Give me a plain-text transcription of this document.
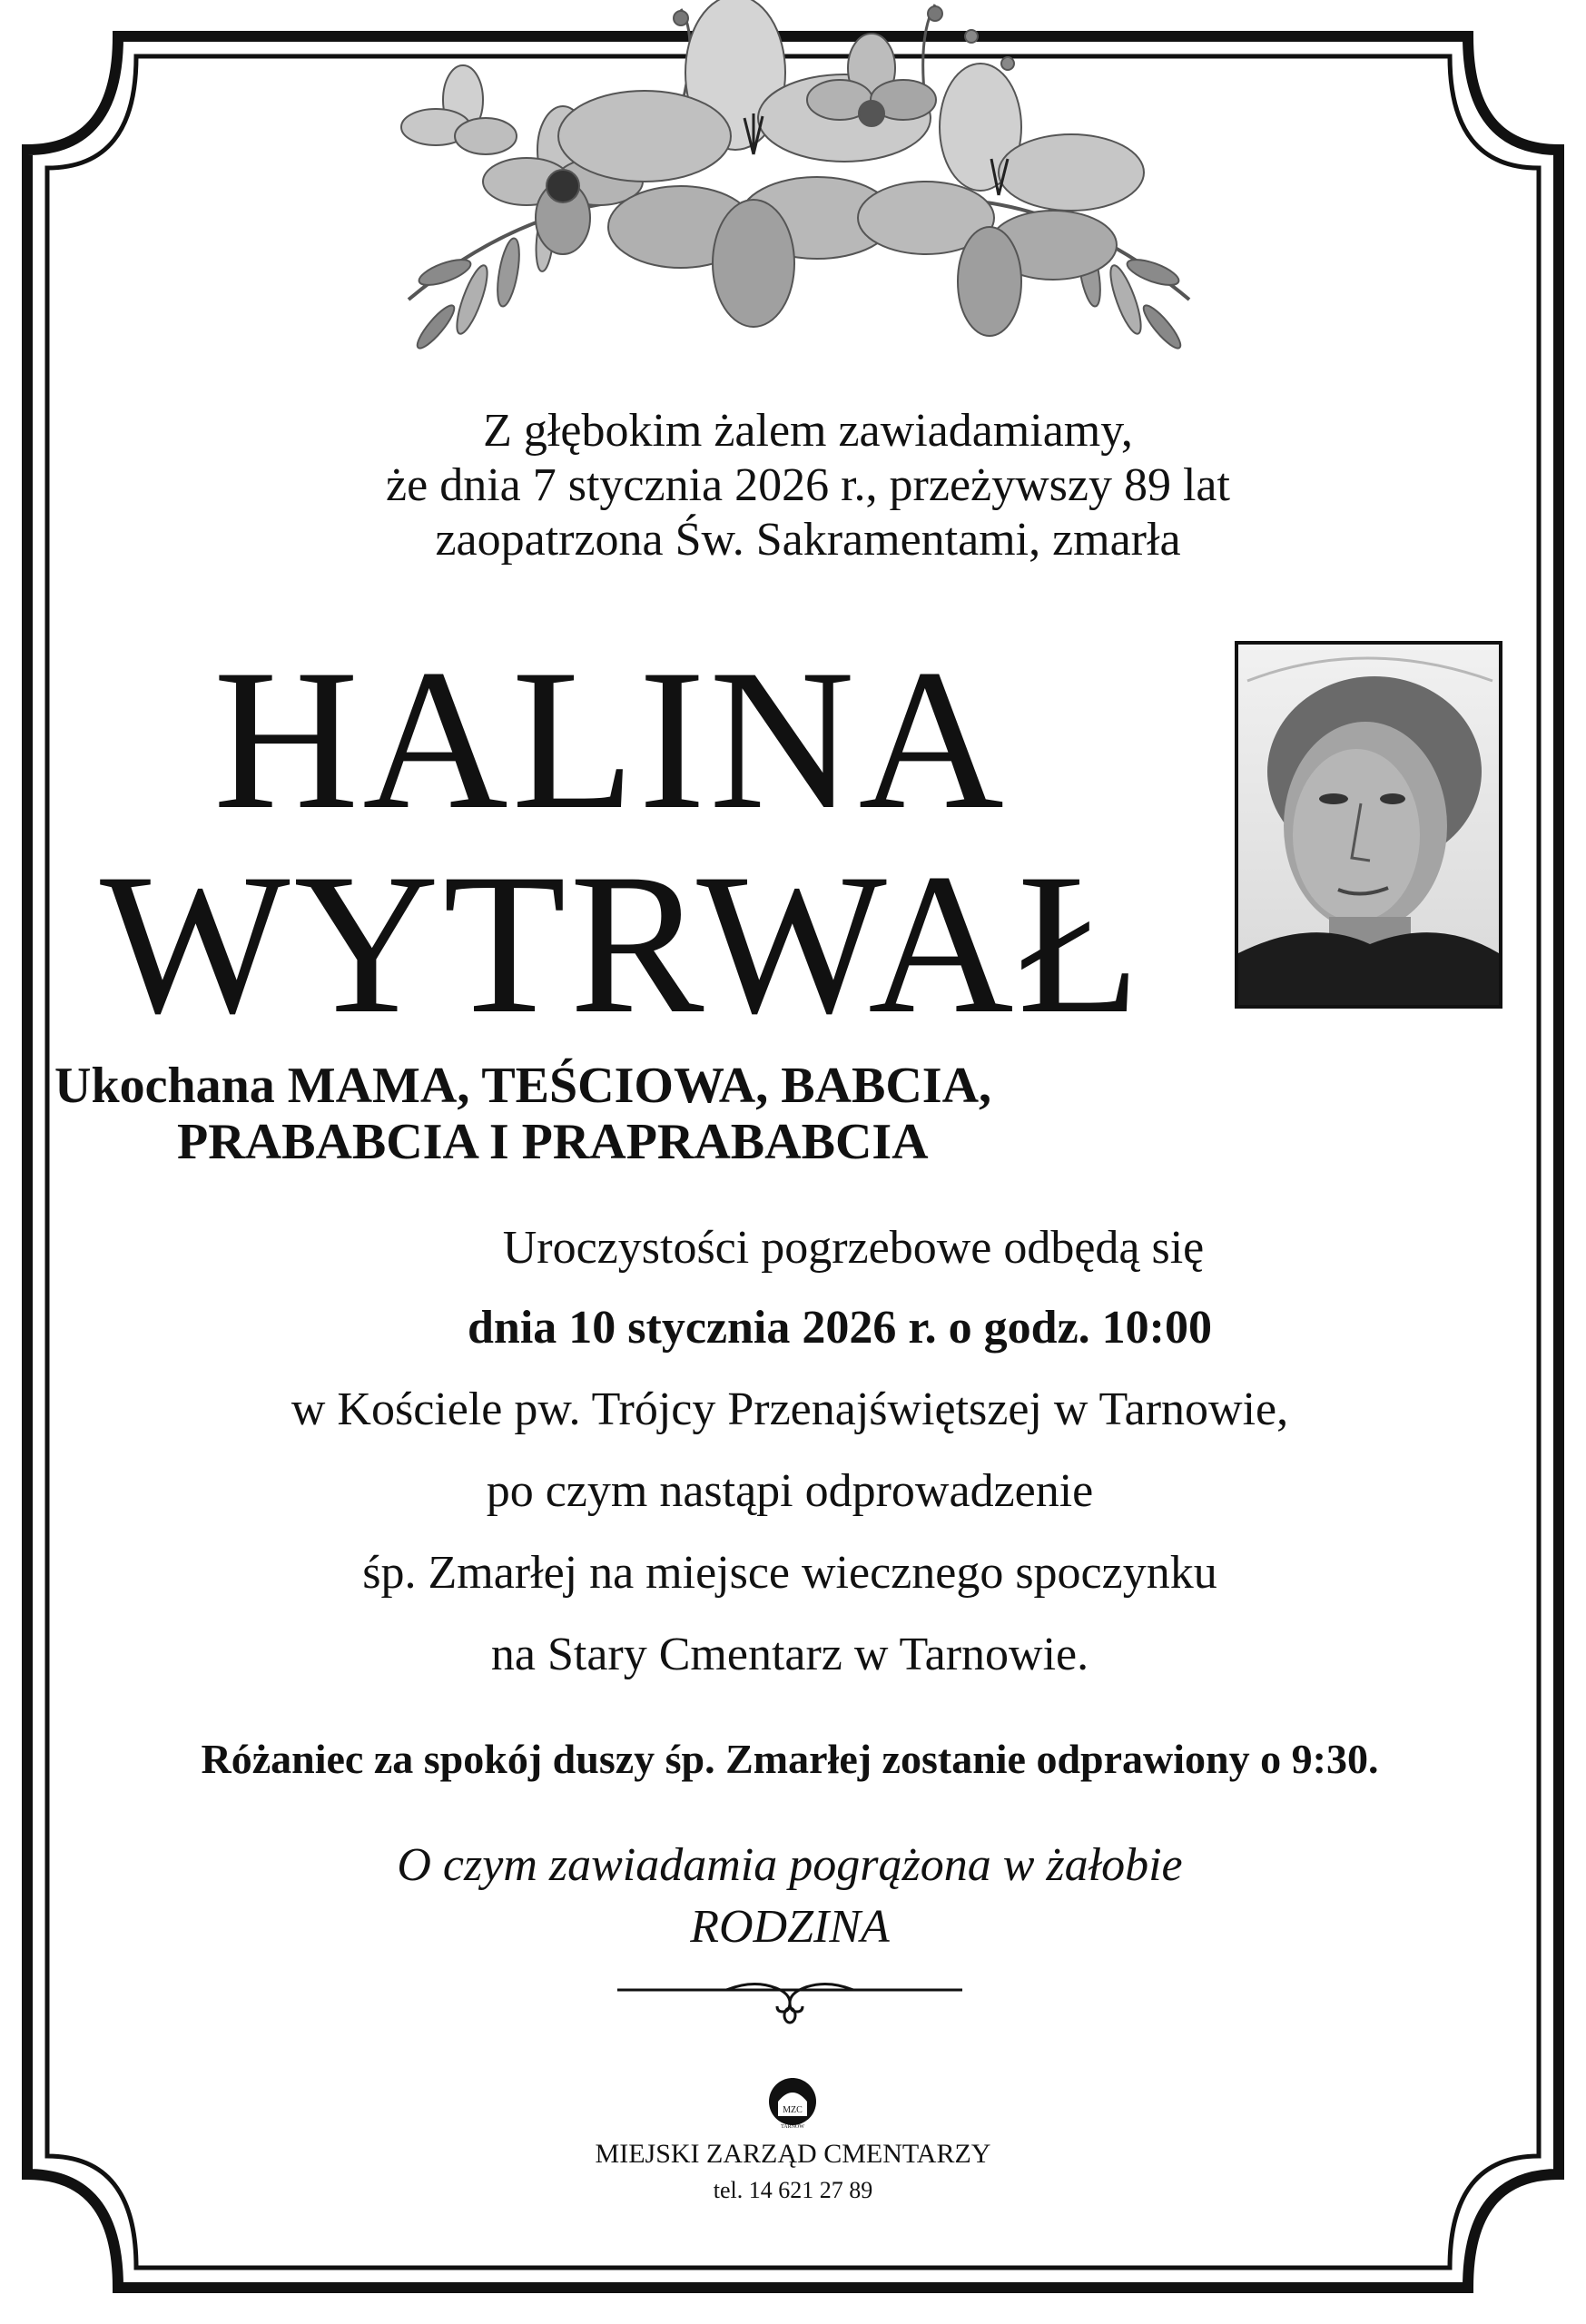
Z głębokim żalem zawiadamiamy,
że dnia 7 stycznia 2026 r., przeżywszy 89 lat
zaopatrzona Św. Sakramentami, zmarła
HALINA
WYTRWAŁ
Ukochana MAMA, TEŚCIOWA, BABCIA,
PRABABCIA I PRAPRABABCIA
Uroczystości pogrzebowe odbędą się
dnia 10 stycznia 2026 r. o godz. 10:00
w Kościele pw. Trójcy Przenajświętszej w Tarnowie,
po czym nastąpi odprowadzenie
śp. Zmarłej na miejsce wiecznego spoczynku
na Stary Cmentarz w Tarnowie.
Różaniec za spokój duszy śp. Zmarłej zostanie odprawiony o 9:30.
O czym zawiadamia pogrążona w żałobie
RODZINA
MZC
TARNÓW
MIEJSKI ZARZĄD CMENTARZY
tel. 14 621 27 89
